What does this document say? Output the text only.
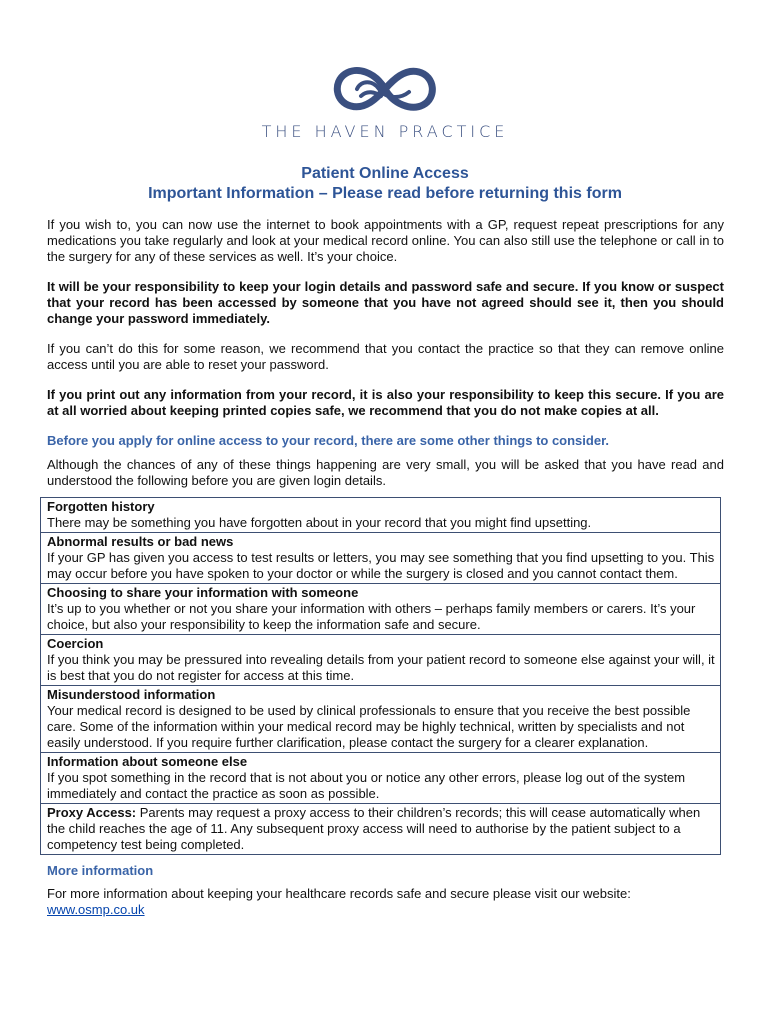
THE HAVEN PRACTICE
Patient Online Access
Important Information – Please read before returning this form

If you wish to, you can now use the internet to book appointments with a GP, request repeat prescriptions for any medications you take regularly and look at your medical record online. You can also still use the telephone or call in to the surgery for any of these services as well. It’s your choice.

It will be your responsibility to keep your login details and password safe and secure. If you know or suspect that your record has been accessed by someone that you have not agreed should see it, then you should change your password immediately.

If you can’t do this for some reason, we recommend that you contact the practice so that they can remove online access until you are able to reset your password.

If you print out any information from your record, it is also your responsibility to keep this secure. If you are at all worried about keeping printed copies safe, we recommend that you do not make copies at all.

Before you apply for online access to your record, there are some other things to consider.

Although the chances of any of these things happening are very small, you will be asked that you have read and understood the following before you are given login details.

Forgotten history
There may be something you have forgotten about in your record that you might find upsetting.

Abnormal results or bad news
If your GP has given you access to test results or letters, you may see something that you find upsetting to you. This may occur before you have spoken to your doctor or while the surgery is closed and you cannot contact them.

Choosing to share your information with someone
It’s up to you whether or not you share your information with others – perhaps family members or carers. It’s your choice, but also your responsibility to keep the information safe and secure.

Coercion
If you think you may be pressured into revealing details from your patient record to someone else against your will, it is best that you do not register for access at this time.

Misunderstood information
Your medical record is designed to be used by clinical professionals to ensure that you receive the best possible care. Some of the information within your medical record may be highly technical, written by specialists and not easily understood. If you require further clarification, please contact the surgery for a clearer explanation.

Information about someone else
If you spot something in the record that is not about you or notice any other errors, please log out of the system immediately and contact the practice as soon as possible.
Proxy Access: Parents may request a proxy access to their children’s records; this will cease automatically when the child reaches the age of 11. Any subsequent proxy access will need to authorise by the patient subject to a competency test being completed.
More information
For more information about keeping your healthcare records safe and secure please visit our website:
www.osmp.co.uk
